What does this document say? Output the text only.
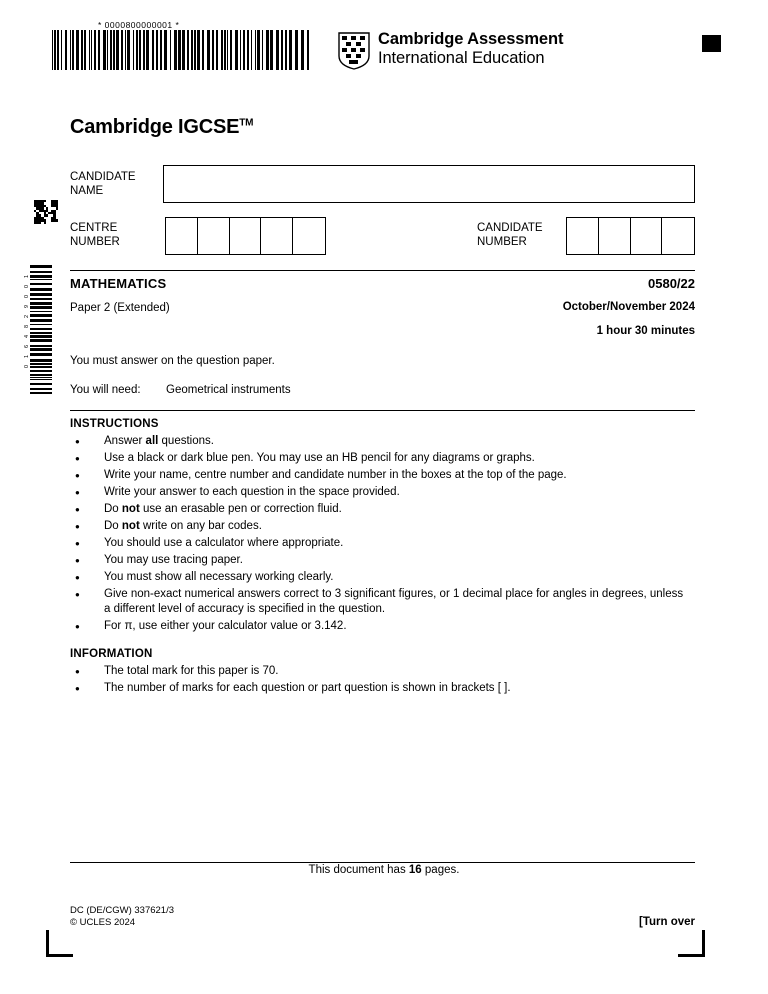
* 0000800000001 *
Cambridge Assessment
International Education
1
0
0
9
2
8
4
6
1
0
Cambridge IGCSE™
CANDIDATE
NAME
CENTRE
NUMBER
CANDIDATE
NUMBER
MATHEMATICS	0580/22
Paper 2 (Extended)	October/November 2024
1 hour 30 minutes
You must answer on the question paper.
You will need: Geometrical instruments
INSTRUCTIONS
● Answer all questions.
● Use a black or dark blue pen. You may use an HB pencil for any diagrams or graphs.
● Write your name, centre number and candidate number in the boxes at the top of the page.
● Write your answer to each question in the space provided.
● Do not use an erasable pen or correction fluid.
● Do not write on any bar codes.
● You should use a calculator where appropriate.
● You may use tracing paper.
● You must show all necessary working clearly.
● Give non-exact numerical answers correct to 3 significant figures, or 1 decimal place for angles in degrees, unless a different level of accuracy is specified in the question.
● For π, use either your calculator value or 3.142.
INFORMATION
● The total mark for this paper is 70.
● The number of marks for each question or part question is shown in brackets [ ].
This document has 16 pages.
DC (DE/CGW) 337621/3
© UCLES 2024	[Turn over
